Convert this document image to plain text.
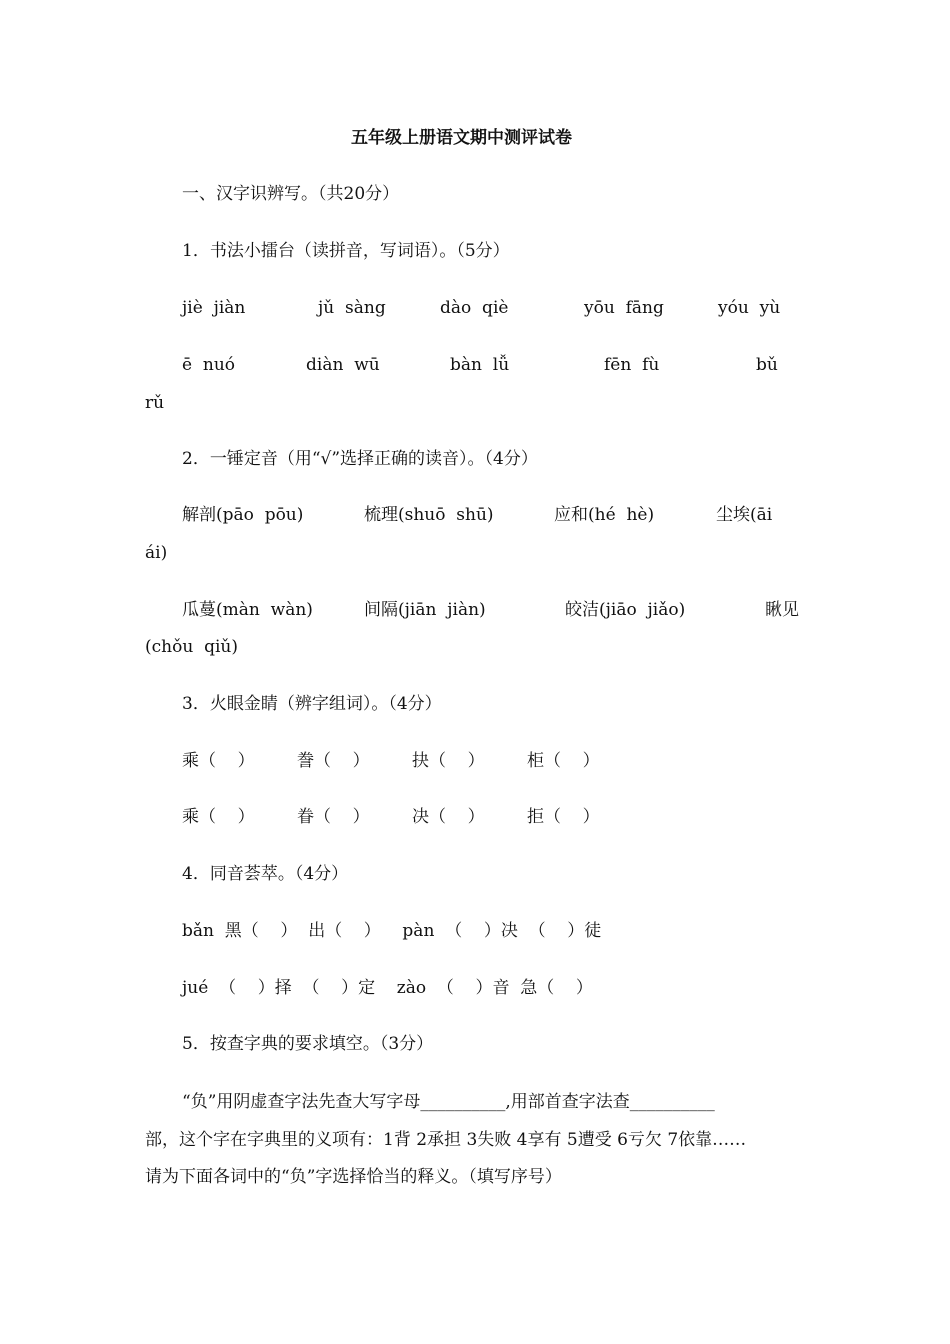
五年级上册语文期中测评试卷
一、汉字识辨写。（共20分）
1．书法小擂台（读拼音，写词语）。（5分）
jiè  jiàn	jǔ  sàng	dào  qiè	yōu  fāng	yóu  yù
ē  nuó	diàn  wū	bàn  lǚ	fēn  fù	bǔ
rǔ
2．一锤定音（用“√”选择正确的读音）。（4分）
解剖(pāo  pōu)	梳理(shuō  shū)	应和(hé  hè)	尘埃(āi
ái)
瓜蔓(màn  wàn)	间隔(jiān  jiàn)	皎洁(jiāo  jiǎo)	瞅见
(chǒu  qiǔ)
3．火眼金睛（辨字组词）。（4分）
乘（    ） 誊（    ） 抉（    ） 柜（    ）
乘（    ） 眷（    ） 决（    ） 拒（    ）
4．同音荟萃。（4分）
bǎn  黑（    ）  出（    ）    pàn  （    ）决  （    ）徒
jué  （    ）择  （    ）定    zào  （    ）音  急（    ）
5．按查字典的要求填空。（3分）
“负”用阴虚查字法先查大写字母__________,用部首查字法查__________
部，这个字在字典里的义项有：1背 2承担 3失败 4享有 5遭受 6亏欠 7依靠……
请为下面各词中的“负”字选择恰当的释义。（填写序号）
